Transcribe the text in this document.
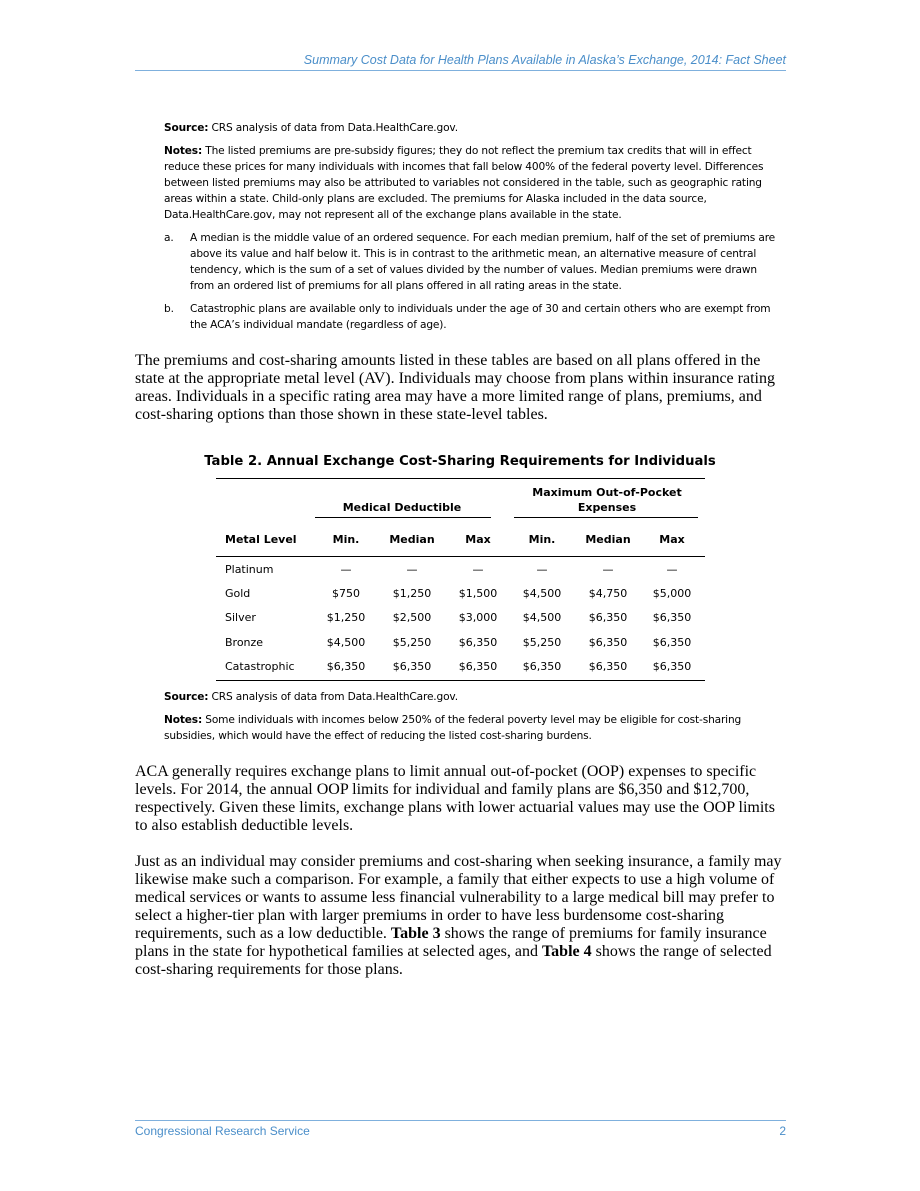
Summary Cost Data for Health Plans Available in Alaska’s Exchange, 2014: Fact Sheet
Source: CRS analysis of data from Data.HealthCare.gov.
Notes: The listed premiums are pre-subsidy figures; they do not reflect the premium tax credits that will in effect reduce these prices for many individuals with incomes that fall below 400% of the federal poverty level. Differences between listed premiums may also be attributed to variables not considered in the table, such as geographic rating areas within a state. Child-only plans are excluded. The premiums for Alaska included in the data source, Data.HealthCare.gov, may not represent all of the exchange plans available in the state.
a. A median is the middle value of an ordered sequence. For each median premium, half of the set of premiums are above its value and half below it. This is in contrast to the arithmetic mean, an alternative measure of central tendency, which is the sum of a set of values divided by the number of values. Median premiums were drawn from an ordered list of premiums for all plans offered in all rating areas in the state.
b. Catastrophic plans are available only to individuals under the age of 30 and certain others who are exempt from the ACA’s individual mandate (regardless of age).
The premiums and cost-sharing amounts listed in these tables are based on all plans offered in the state at the appropriate metal level (AV). Individuals may choose from plans within insurance rating areas. Individuals in a specific rating area may have a more limited range of plans, premiums, and cost-sharing options than those shown in these state-level tables.
Table 2. Annual Exchange Cost-Sharing Requirements for Individuals
Medical Deductible
Maximum Out-of-Pocket
Expenses
Metal Level	Min.	Median	Max	Min.	Median	Max
Platinum	—	—	—	—	—	—
Gold	$750	$1,250	$1,500	$4,500	$4,750	$5,000
Silver	$1,250	$2,500	$3,000	$4,500	$6,350	$6,350
Bronze	$4,500	$5,250	$6,350	$5,250	$6,350	$6,350
Catastrophic	$6,350	$6,350	$6,350	$6,350	$6,350	$6,350
Source: CRS analysis of data from Data.HealthCare.gov.
Notes: Some individuals with incomes below 250% of the federal poverty level may be eligible for cost-sharing subsidies, which would have the effect of reducing the listed cost-sharing burdens.
ACA generally requires exchange plans to limit annual out-of-pocket (OOP) expenses to specific levels. For 2014, the annual OOP limits for individual and family plans are $6,350 and $12,700, respectively. Given these limits, exchange plans with lower actuarial values may use the OOP limits to also establish deductible levels.
Just as an individual may consider premiums and cost-sharing when seeking insurance, a family may likewise make such a comparison. For example, a family that either expects to use a high volume of medical services or wants to assume less financial vulnerability to a large medical bill may prefer to select a higher-tier plan with larger premiums in order to have less burdensome cost-sharing requirements, such as a low deductible. Table 3 shows the range of premiums for family insurance plans in the state for hypothetical families at selected ages, and Table 4 shows the range of selected cost-sharing requirements for those plans.
Congressional Research Service	2
